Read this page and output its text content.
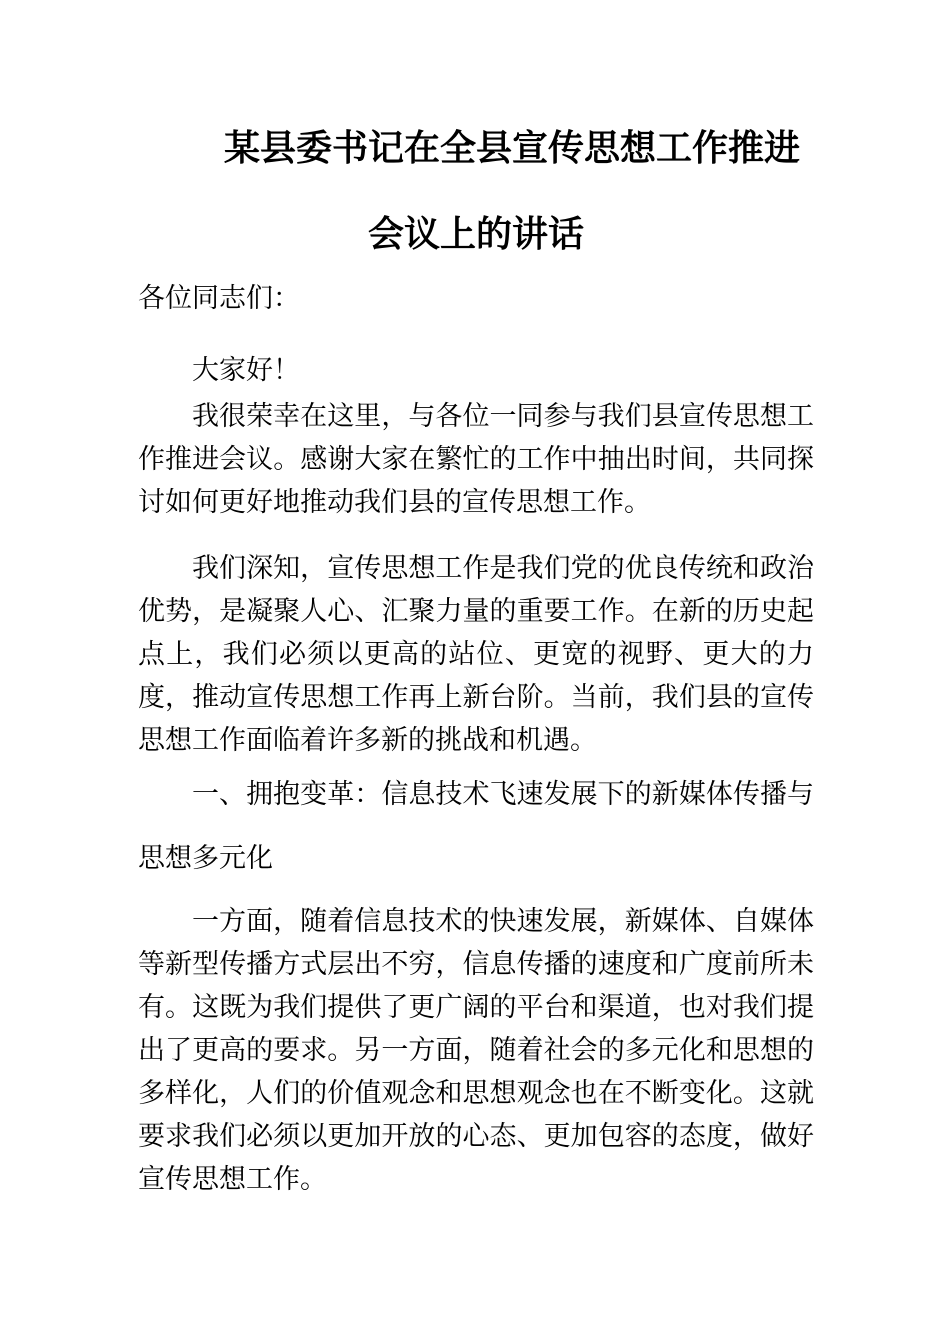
某县委书记在全县宣传思想工作推进
会议上的讲话

各位同志们：

大家好！

我很荣幸在这里，与各位一同参与我们县宣传思想工作推进会议。感谢大家在繁忙的工作中抽出时间，共同探讨如何更好地推动我们县的宣传思想工作。

我们深知，宣传思想工作是我们党的优良传统和政治优势，是凝聚人心、汇聚力量的重要工作。在新的历史起点上，我们必须以更高的站位、更宽的视野、更大的力度，推动宣传思想工作再上新台阶。当前，我们县的宣传思想工作面临着许多新的挑战和机遇。

一、拥抱变革：信息技术飞速发展下的新媒体传播与思想多元化

一方面，随着信息技术的快速发展，新媒体、自媒体等新型传播方式层出不穷，信息传播的速度和广度前所未有。这既为我们提供了更广阔的平台和渠道，也对我们提出了更高的要求。另一方面，随着社会的多元化和思想的多样化，人们的价值观念和思想观念也在不断变化。这就要求我们必须以更加开放的心态、更加包容的态度，做好宣传思想工作。
